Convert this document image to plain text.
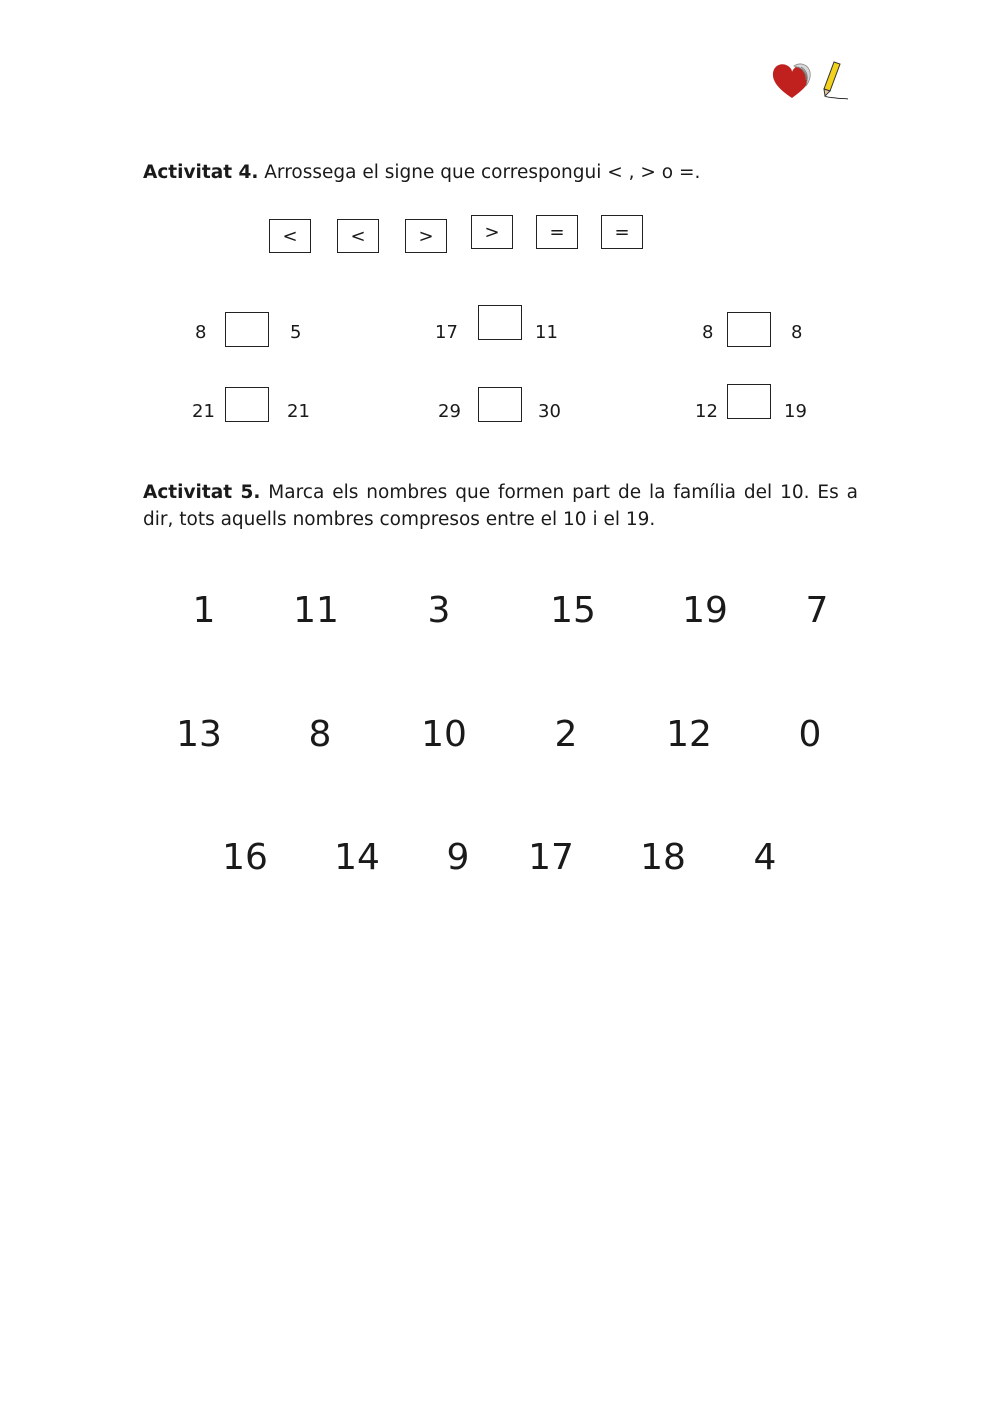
Activitat 4. Arrossega el signe que correspongui < , > o =.
<	<	>	>	=	=
8	5	17	11	8	8
21	21	29	30	12	19
Activitat 5. Marca els nombres que formen part de la família del 10. Es a dir, tots aquells nombres compresos entre el 10 i el 19.
1 11 3	15 19 7
13 8 10 2 12 0
16 14 9 17 18 4
